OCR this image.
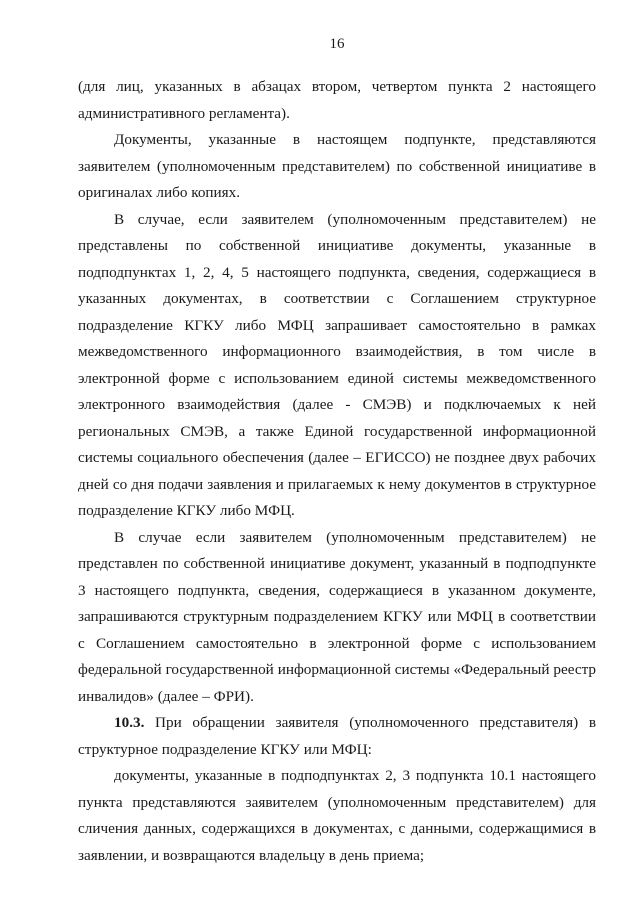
16

(для лиц, указанных в абзацах втором, четвертом пункта 2 настоящего административного регламента).

Документы, указанные в настоящем подпункте, представляются заявителем (уполномоченным представителем) по собственной инициативе в оригиналах либо копиях.

В случае, если заявителем (уполномоченным представителем) не представлены по собственной инициативе документы, указанные в подподпунктах 1, 2, 4, 5 настоящего подпункта, сведения, содержащиеся в указанных документах, в соответствии с Соглашением структурное подразделение КГКУ либо МФЦ запрашивает самостоятельно в рамках межведомственного информационного взаимодействия, в том числе в электронной форме с использованием единой системы межведомственного электронного взаимодействия (далее - СМЭВ) и подключаемых к ней региональных СМЭВ, а также Единой государственной информационной системы социального обеспечения (далее – ЕГИССО) не позднее двух рабочих дней со дня подачи заявления и прилагаемых к нему документов в структурное подразделение КГКУ либо МФЦ.

В случае если заявителем (уполномоченным представителем) не представлен по собственной инициативе документ, указанный в подподпункте 3 настоящего подпункта, сведения, содержащиеся в указанном документе, запрашиваются структурным подразделением КГКУ или МФЦ в соответствии с Соглашением самостоятельно в электронной форме с использованием федеральной государственной информационной системы «Федеральный реестр инвалидов» (далее – ФРИ).

10.3. При обращении заявителя (уполномоченного представителя) в структурное подразделение КГКУ или МФЦ:

документы, указанные в подподпунктах 2, 3 подпункта 10.1 настоящего пункта представляются заявителем (уполномоченным представителем) для сличения данных, содержащихся в документах, с данными, содержащимися в заявлении, и возвращаются владельцу в день приема;
